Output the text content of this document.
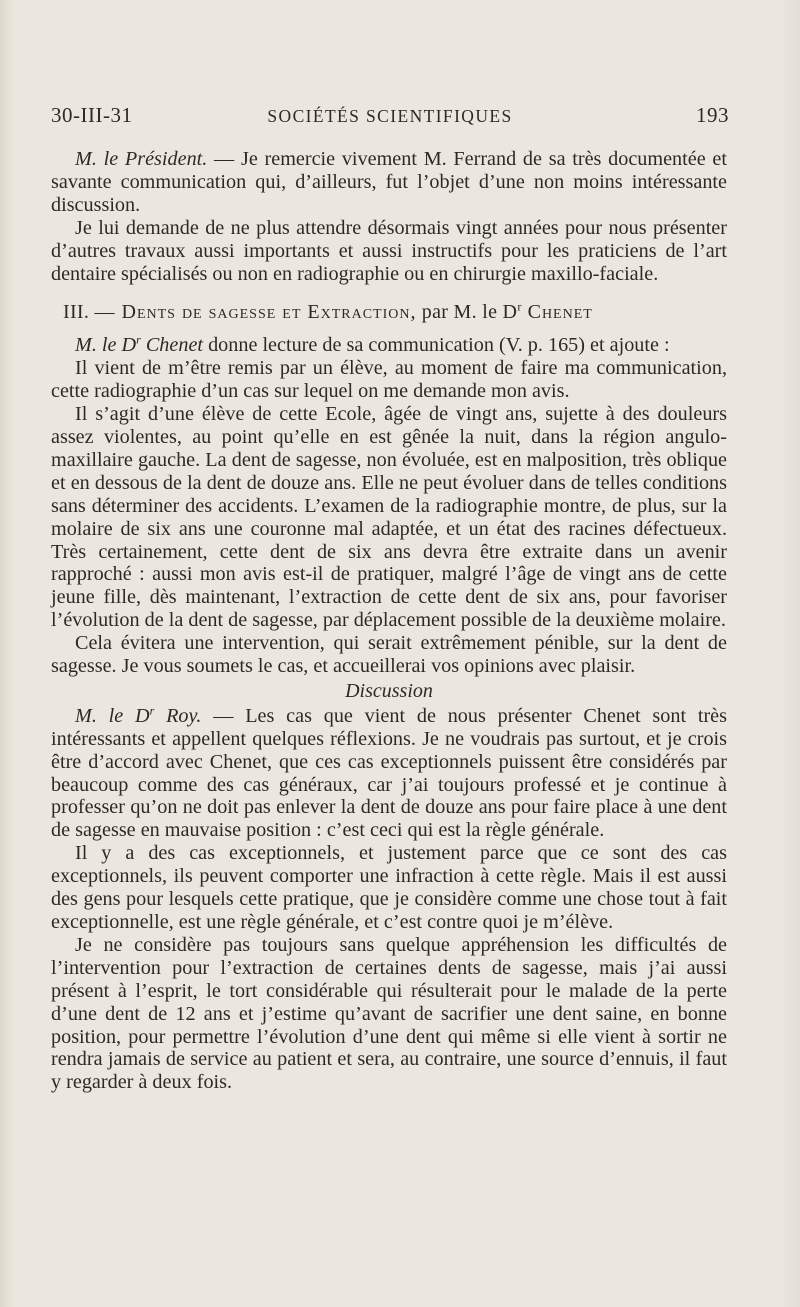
30-III-31	SOCIÉTÉS SCIENTIFIQUES	193

M. le Président. — Je remercie vivement M. Ferrand de sa très documentée et savante communication qui, d’ailleurs, fut l’objet d’une non moins intéressante discussion.

Je lui demande de ne plus attendre désormais vingt années pour nous présenter d’autres travaux aussi importants et aussi instructifs pour les praticiens de l’art dentaire spécialisés ou non en radiographie ou en chirurgie maxillo-faciale.

III. — Dents de sagesse et Extraction, par M. le $D^r$ Chenet

M. le $D^r$ Chenet donne lecture de sa communication (V. p. 165) et ajoute :

Il vient de m’être remis par un élève, au moment de faire ma communication, cette radiographie d’un cas sur lequel on me demande mon avis.

Il s’agit d’une élève de cette Ecole, âgée de vingt ans, sujette à des douleurs assez violentes, au point qu’elle en est gênée la nuit, dans la région angulo-maxillaire gauche. La dent de sagesse, non évoluée, est en malposition, très oblique et en dessous de la dent de douze ans. Elle ne peut évoluer dans de telles conditions sans déterminer des accidents. L’examen de la radiographie montre, de plus, sur la molaire de six ans une couronne mal adaptée, et un état des racines défectueux. Très certainement, cette dent de six ans devra être extraite dans un avenir rapproché : aussi mon avis est-il de pratiquer, malgré l’âge de vingt ans de cette jeune fille, dès maintenant, l’extraction de cette dent de six ans, pour favoriser l’évolution de la dent de sagesse, par déplacement possible de la deuxième molaire.

Cela évitera une intervention, qui serait extrêmement pénible, sur la dent de sagesse. Je vous soumets le cas, et accueillerai vos opinions avec plaisir.

Discussion

M. le $D^r$ Roy. — Les cas que vient de nous présenter Chenet sont très intéressants et appellent quelques réflexions. Je ne voudrais pas surtout, et je crois être d’accord avec Chenet, que ces cas exceptionnels puissent être considérés par beaucoup comme des cas généraux, car j’ai toujours professé et je continue à professer qu’on ne doit pas enlever la dent de douze ans pour faire place à une dent de sagesse en mauvaise position : c’est ceci qui est la règle générale.

Il y a des cas exceptionnels, et justement parce que ce sont des cas exceptionnels, ils peuvent comporter une infraction à cette règle. Mais il est aussi des gens pour lesquels cette pratique, que je considère comme une chose tout à fait exceptionnelle, est une règle générale, et c’est contre quoi je m’élève.

Je ne considère pas toujours sans quelque appréhension les difficultés de l’intervention pour l’extraction de certaines dents de sagesse, mais j’ai aussi présent à l’esprit, le tort considérable qui résulterait pour le malade de la perte d’une dent de 12 ans et j’estime qu’avant de sacrifier une dent saine, en bonne position, pour permettre l’évolution d’une dent qui même si elle vient à sortir ne rendra jamais de service au patient et sera, au contraire, une source d’ennuis, il faut y regarder à deux fois.
